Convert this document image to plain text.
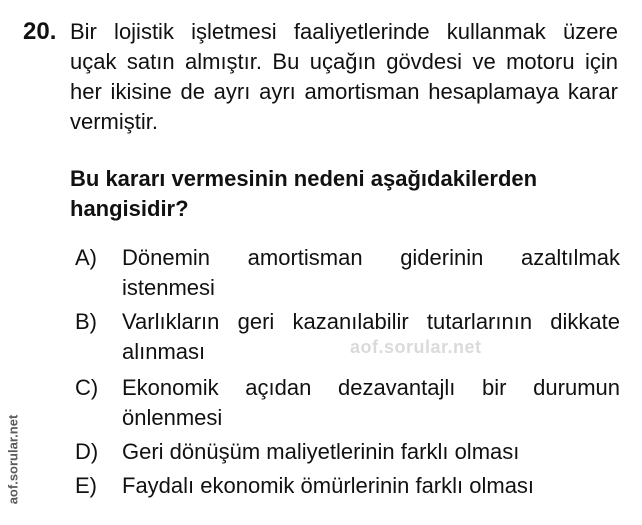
20. Bir lojistik işletmesi faaliyetlerinde kullanmak üzere uçak satın almıştır. Bu uçağın gövdesi ve motoru için her ikisine de ayrı ayrı amortisman hesaplamaya karar vermiştir.
Bu kararı vermesinin nedeni aşağıdakilerden hangisidir?
A) Dönemin amortisman giderinin azaltılmak istenmesi
B) Varlıkların geri kazanılabilir tutarlarının dikkate alınması
C) Ekonomik açıdan dezavantajlı bir durumun önlenmesi
D) Geri dönüşüm maliyetlerinin farklı olması
E) Faydalı ekonomik ömürlerinin farklı olması
aof.sorular.net
aof.sorular.net
